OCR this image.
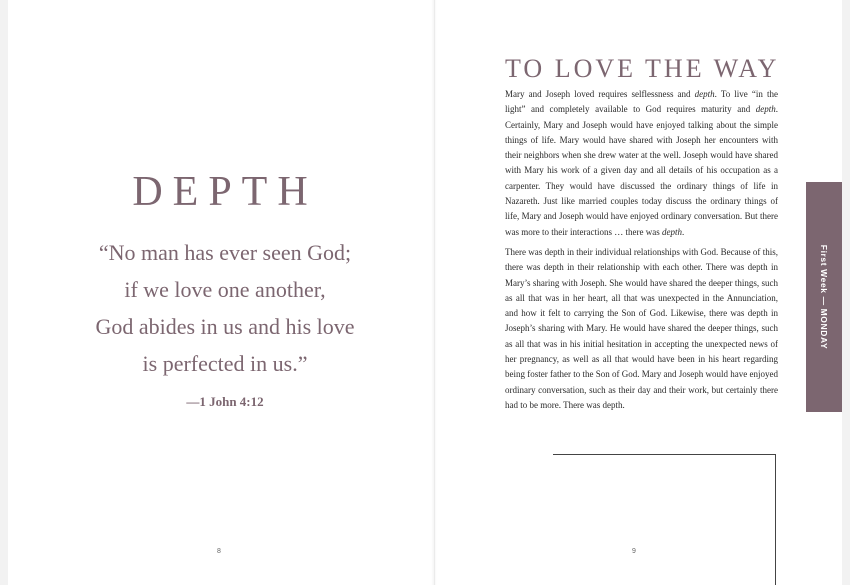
DEPTH
“No man has ever seen God;
if we love one another,
God abides in us and his love
is perfected in us.”
—1 John 4:12
8
TO LOVE THE WAY

Mary and Joseph loved requires selflessness and depth. To live “in the light” and completely available to God requires maturity and depth. Certainly, Mary and Joseph would have enjoyed talking about the simple things of life. Mary would have shared with Joseph her encounters with their neighbors when she drew water at the well. Joseph would have shared with Mary his work of a given day and all details of his occupation as a carpenter. They would have discussed the ordinary things of life in Nazareth. Just like married couples today discuss the ordinary things of life, Mary and Joseph would have enjoyed ordinary conversation. But there was more to their interactions … there was depth.

There was depth in their individual relationships with God. Because of this, there was depth in their relationship with each other. There was depth in Mary’s sharing with Joseph. She would have shared the deeper things, such as all that was in her heart, all that was unexpected in the Annunciation, and how it felt to carrying the Son of God. Likewise, there was depth in Joseph’s sharing with Mary. He would have shared the deeper things, such as all that was in his initial hesitation in accepting the unexpected news of her pregnancy, as well as all that would have been in his heart regarding being foster father to the Son of God. Mary and Joseph would have enjoyed ordinary conversation, such as their day and their work, but certainly there had to be more. There was depth.

9
First Week — MONDAY
